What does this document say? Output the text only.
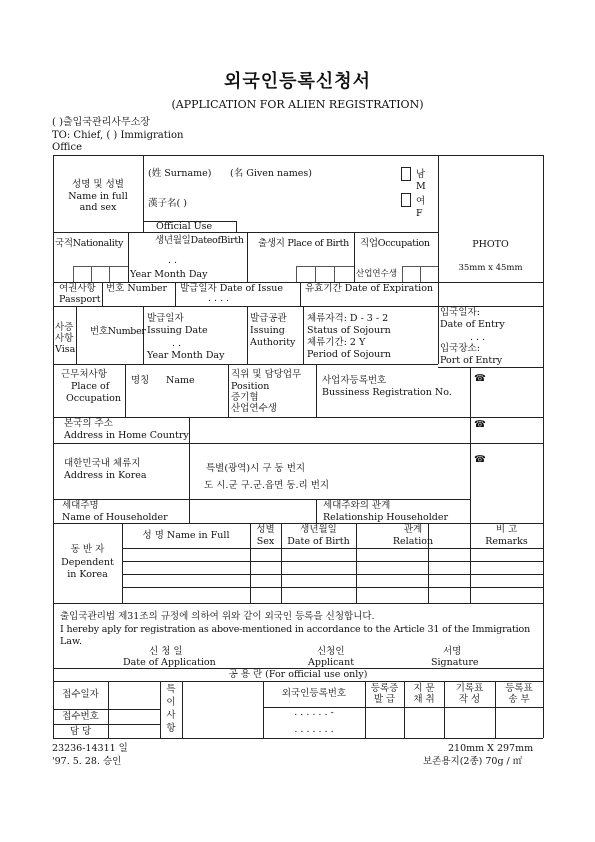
외국인등록신청서
(APPLICATION FOR ALIEN REGISTRATION)
( )출입국관리사무소장
TO: Chief, ( ) Immigration
Office
성명 및 성별
Name in full
and sex
(姓 Surname) (名 Given names)
漢子名( )
남
M
여
F
Official Use
PHOTO
35mm x 45mm
국적Nationality	생년월일DateofBirth
Year Month Day
출생지 Place of Birth 직업Occupation
산업연수생
. .
여권사항
Passport
번호 Number 발급일자 Date of Issue 유효기간 Date of Expiration
. . . .
사증
사항
Visa
번호Number
발급일자
Issuing Date
. .
Year Month Day
발급공관
Issuing
Authority
체류자격: D - 3 - 2
Status of Sojourn
체류기간: 2 Y
Period of Sojourn
입국일자:
Date of Entry
. . .
입국장소:
Port of Entry
근무처사항
Place of
Occupation
명칭 Name
직위 및 담당업무
Position
증기협
산업연수생
사업자등록번호
Bussiness Registration No.
☎
본국의 주소
Address in Home Country
☎
대한민국내 체류지
Address in Korea
특별(광역)시 구 동 번지
도 시.군 구.군.읍면 동.리 번지
☎
세대주명
Name of Householder
세대주와의 관계
Relationship Householder
동 반 자
Dependent
in Korea
성 명 Name in Full
성별
Sex
생년월일
Date of Birth
관계
Relation
비 고
Remarks
출입국관리법 제31조의 규정에 의하여 위와 같이 외국인 등록을 신청합니다.
I hereby aply for registration as above-mentioned in accordance to the Article 31 of the Immigration
Law.
신 청 일
Date of Application
신청인
Applicant
서명
Signature
공 용 란 (For official use only)
접수일자
접수번호
담 당
특
이
사
항
외국인등록번호
. . . . . . -
. . . . . . .
등록증
발 급
지 문
채 취
기록표
작 성
등록표
송 부
23236-14311 일
'97. 5. 28. 승인
210mm X 297mm
보존용지(2종) 70g / ㎡
